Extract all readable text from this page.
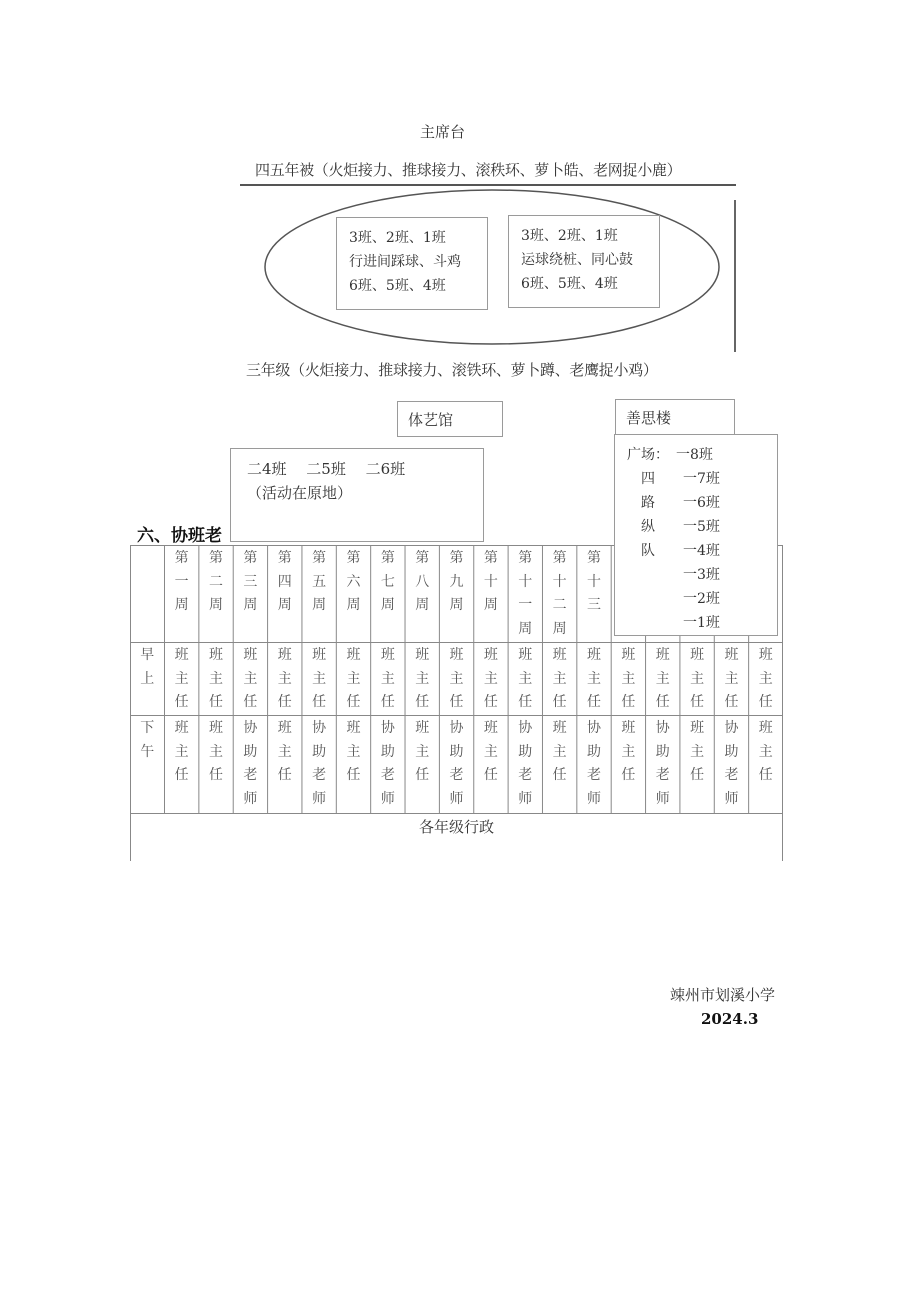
主席台
四五年被（火炬接力、推球接力、滚秩环、萝卜皓、老网捉小鹿）
3班、2班、1班
行进间踩球、斗鸡
6班、5班、4班
3班、2班、1班
运球绕桩、同心鼓
6班、5班、4班
三年级（火炬接力、推球接力、滚铁环、萝卜蹲、老鹰捉小鸡）
体艺馆	善思楼
二4班　 二5班　 二6班
（活动在原地）
六、协班老
第
一
周
第
二
周
第
三
周
第
四
周
第
五
周
第
六
周
第
七
周
第
八
周
第
九
周
第
十
周
第
十
一
周
第
十
二
周
第
十
三
早
上
下
午
班
主
任
班
主
任
班
主
任
班
主
任
班
主
任
班
主
任
班
主
任
班
主
任
班
主
任
班
主
任
班
主
任
班
主
任
班
主
任
班
主
任
班
主
任
班
主
任
班
主
任
班
主
任
班
主
任
班
主
任
协
助
老
师
班
主
任
协
助
老
师
班
主
任
协
助
老
师
班
主
任
协
助
老
师
班
主
任
协
助
老
师
班
主
任
协
助
老
师
班
主
任
协
助
老
师
班
主
任
协
助
老
师
班
主
任
各年级行政
广场：　一8班
　四　　一7班
　路　　一6班
　纵　　一5班
　队　　一4班
　　　　一3班
　　　　一2班
　　　　一1班
竦州市划溪小学
2024.3
